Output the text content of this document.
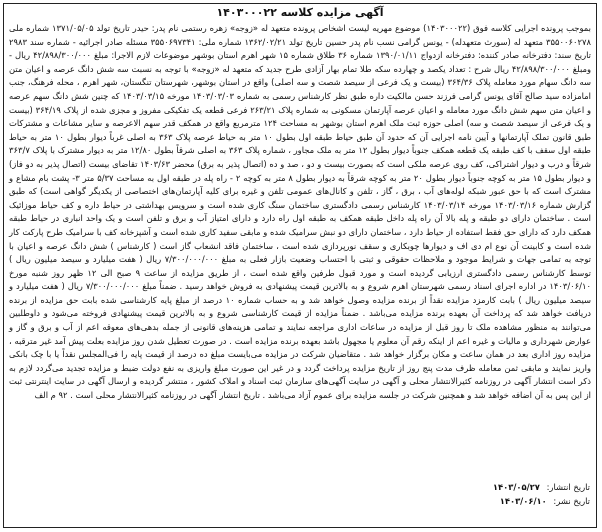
آگهی مزایده کلاسه ۱۴۰۳۰۰۰۲۲
بموجب پرونده اجرایی کلاسه فوق (۱۴۰۳۰۰۰۲۲) موضوع مهریه لیست اشخاص پرونده متعهد له «زوجه» زهره رستمی نام پدر: حیدر تاریخ تولد ۱۳۷۱/۰۵/۰۵ شماره ملی ۳۵۵۰۰۶۰۲۷۸ متعهد له (سورث متعهدله) - یونس گرامی نسب نام پدر حسین تاریخ تولد ۱۳۶۲/۰۲/۲۱ شماره ملی: ۳۵۵۰۶۹۷۳۴۱ مسئله صادر اجرائیه - شماره سند ۲۹۸۳ تاریخ سند: دفترخانه صادر کننده: دفترخانه ازدواج ۱۳۹۰/۰۱/۱۱ شماره ۳۶ طلاق شماره ۱۵ شهر اهرم استان بوشهر موضوعات لازم الاجرا: مبلغ ۴۲/۸۹۸/۳۰۰/۰۰۰ ریال - ومبلغ ۴۲/۸۹۸/۳۰۰/۰۰۰ ریال شرح : تعداد یکصد و چهارده سکه طلا تمام بهار آزادی طرح جدید که متعهد له «زوجه» با توجه به نسبت سه شش دانگ عرصه و اعیان متن سه دانگ سهام مورد معامله پلاک ۳۶۴/۳۶ (بیست و یک فرعی از سیصد شصت و سه اصلی) واقع در استان بوشهر، شهرستان تنگستان، شهر اهرم ، محله فرهنگ، جنب امامزاده سید صالح آقای یونس گرامی فرزند حسن مالکیت داره طبق نظر کارشناس رسمی به شماره ۱۴۰۳/۰۳/۰۳ مورخه ۱۴۰۳/۰۳/۱۵ که چنین شش دانگ سهم عرصه و اعیان متن سهم شش دانگ مورد معامله و اعیان عرصه آپارتمان مسکونی به شماره پلاک ۲۶۳/۲۱ فرعی قطعه یک تفکیکی مفروز و مجزی شده از پلاک ۳۶۴/۱۹ (بیست و یک فرعی از سیصد شصت و سه) اصلی حوزه ثبت ملک اهرم استان بوشهر به مساحت ۱۲۴ مترمربع واقع در همکف قدر سهم الاعرصه و سایر مشاعات و مشترکات طبق قانون تملک آپارتمانها و آیین نامه اجرایی آن که حدود آن طبق حیاط طبقه اول بطول ۱۰ متر به حیاط عرصه پلاک ۳۶۳ به اصلی غرباً دیوار بطول ۱۰ متر به حیاط طبقه اول سقف با کف طبقه یک قطعه همکف جنوباً دیوار بطول ۱۲ متر به ملک مجاور ، شماره پلاک ۳۶۳ به اصلی شرقاً بطول ۱۲/۸۰ متر به دیوار مشترک با پلاک ۳۶۳/۷ شرقاً و درب و دیوار اشتراکی، کف روی عرصه ملکی است که بصورت بیست و دو ، صد و ده (اتصال پذیر به برق) محضر ۱۴۰۳/۶۳ تقاضای بیست (اتصال پذیر به دو فاز) و دیوار بطول ۱۵ متر به کوچه جنوباً دیوار بطول ۲۰ متر به کوچه شرقاً به دیوار بطول ۸ متر به کوچه ۲ - راه پله در طبقه اول به مساحت ۵/۳۷ متر ۳- پشت بام مشاع و مشترک است که با حق عبور شبکه لوله‌های آب ، برق ، گاز ، تلفن و کانال‌های عمومی تلفن و غیره برای کلیه آپارتمان‌های اختصاصی از یکدیگر گواهی است) که طبق گزارش شماره ۱۴۰۳/۰۳/۱۶ مورخه ۱۴۰۳/۰۳/۱۴ کارشناس رسمی دادگستری ساختمان سنگ کاری شده است و سرویس بهداشتی در حیاط داره و کف حیاط موزائیک است . ساختمان دارای دو طبقه و پله بالا آن راه پله داخل طبقه همکف به طبقه اول راه دارد و دارای امتیاز آب و برق و تلفن است و یک واحد انباری در حیاط طبقه همکف دارد که دارای حق فقط استفاده از حیاط دارد ، ساختمان دارای دو نبش سرامیک شده و مابقی سفید کاری شده است و آشپزخانه کف با سرامیک طرح پارکت کار شده است و کابینت آن نوع ام دی اف و دیوارها چوبکاری و سقف نورپردازی شده است ، ساختمان فاقد انشعاب گاز است ( کارشناس ) شش دانگ عرصه و اعیان با توجه به تمامی جهات و شرایط موجود و ملاحظات حقوقی و ثبتی با احتساب وضعیت بازار فعلی به مبلغ ۷/۳۰۰/۰۰۰/۰۰۰ ریال ( هفت میلیارد و سیصد میلیون ریال ) توسط کارشناس رسمی دادگستری ارزیابی گردیده است و مورد قبول طرفین واقع شده است ، از طریق مزایده از ساعت ۹ صبح الی ۱۲ ظهر روز شنبه مورخ ۱۴۰۳/۰۶/۱۰ در اداره اجرای اسناد رسمی شهرستان اهرم شروع و به بالاترین قیمت پیشنهادی به فروش خواهد رسید . ضمناً مبلغ ۷/۳۰۰/۰۰۰/۰۰۰ ریال ( هفت میلیارد و سیصد میلیون ریال ) بابت کارمزد مزایده نقداً از برنده مزایده وصول خواهد شد و به حساب شماره ۱۰ درصد از مبلغ پایه کارشناسی شده بابت حق مزایده از برنده دریافت خواهد شد که پرداخت آن بعهده برنده مزایده می‌باشد . ضمناً مزایده از قیمت کارشناسی شروع و به بالاترین قیمت پیشنهادی فروخته می‌شود و داوطلبین می‌توانند به منظور مشاهده ملک تا روز قبل از مزایده در ساعات اداری مراجعه نمایند و تمامی هزینه‌های قانونی از جمله بدهی‌های معوقه اعم از آب و برق و گاز و عوارض شهرداری و مالیات و غیره اعم از اینکه رقم آن معلوم یا مجهول باشد بعهده برنده مزایده است . در صورت تعطیل شدن روز مزایده بعلت پیش آمد غیر مترقبه ، مزایده روز اداری بعد در همان ساعت و مکان برگزار خواهد شد . متقاضیان شرکت در مزایده می‌بایست مبلغ ده درصد از قیمت پایه را فی‌المجلس نقداً یا با چک بانکی واریز نمایند و مابقی ثمن معامله ظرف مدت پنج روز از تاریخ مزایده پرداخت گردد و در غیر این صورت مبلغ واریزی به نفع دولت ضبط و مزایده تجدید می‌گردد لازم به ذکر است انتشار آگهی در روزنامه کثیرالانتشار محلی و آگهی در سایت آگهی‌های سازمان ثبت اسناد و املاک کشور ، منتشر گردیده و ارسال آگهی در سایت اینترنتی ثبت از این پس به آن اضافه خواهد شد و همچنین شرکت در جلسه مزایده برای عموم آزاد می‌باشد . تاریخ انتشار آگهی در روزنامه کثیرالانتشار محلی است . ۹۲ م الف
تاریخ انتشار: ۱۴۰۳/۰۵/۲۷
تاریخ نشر: ۱۴۰۳/۰۶/۱۰
